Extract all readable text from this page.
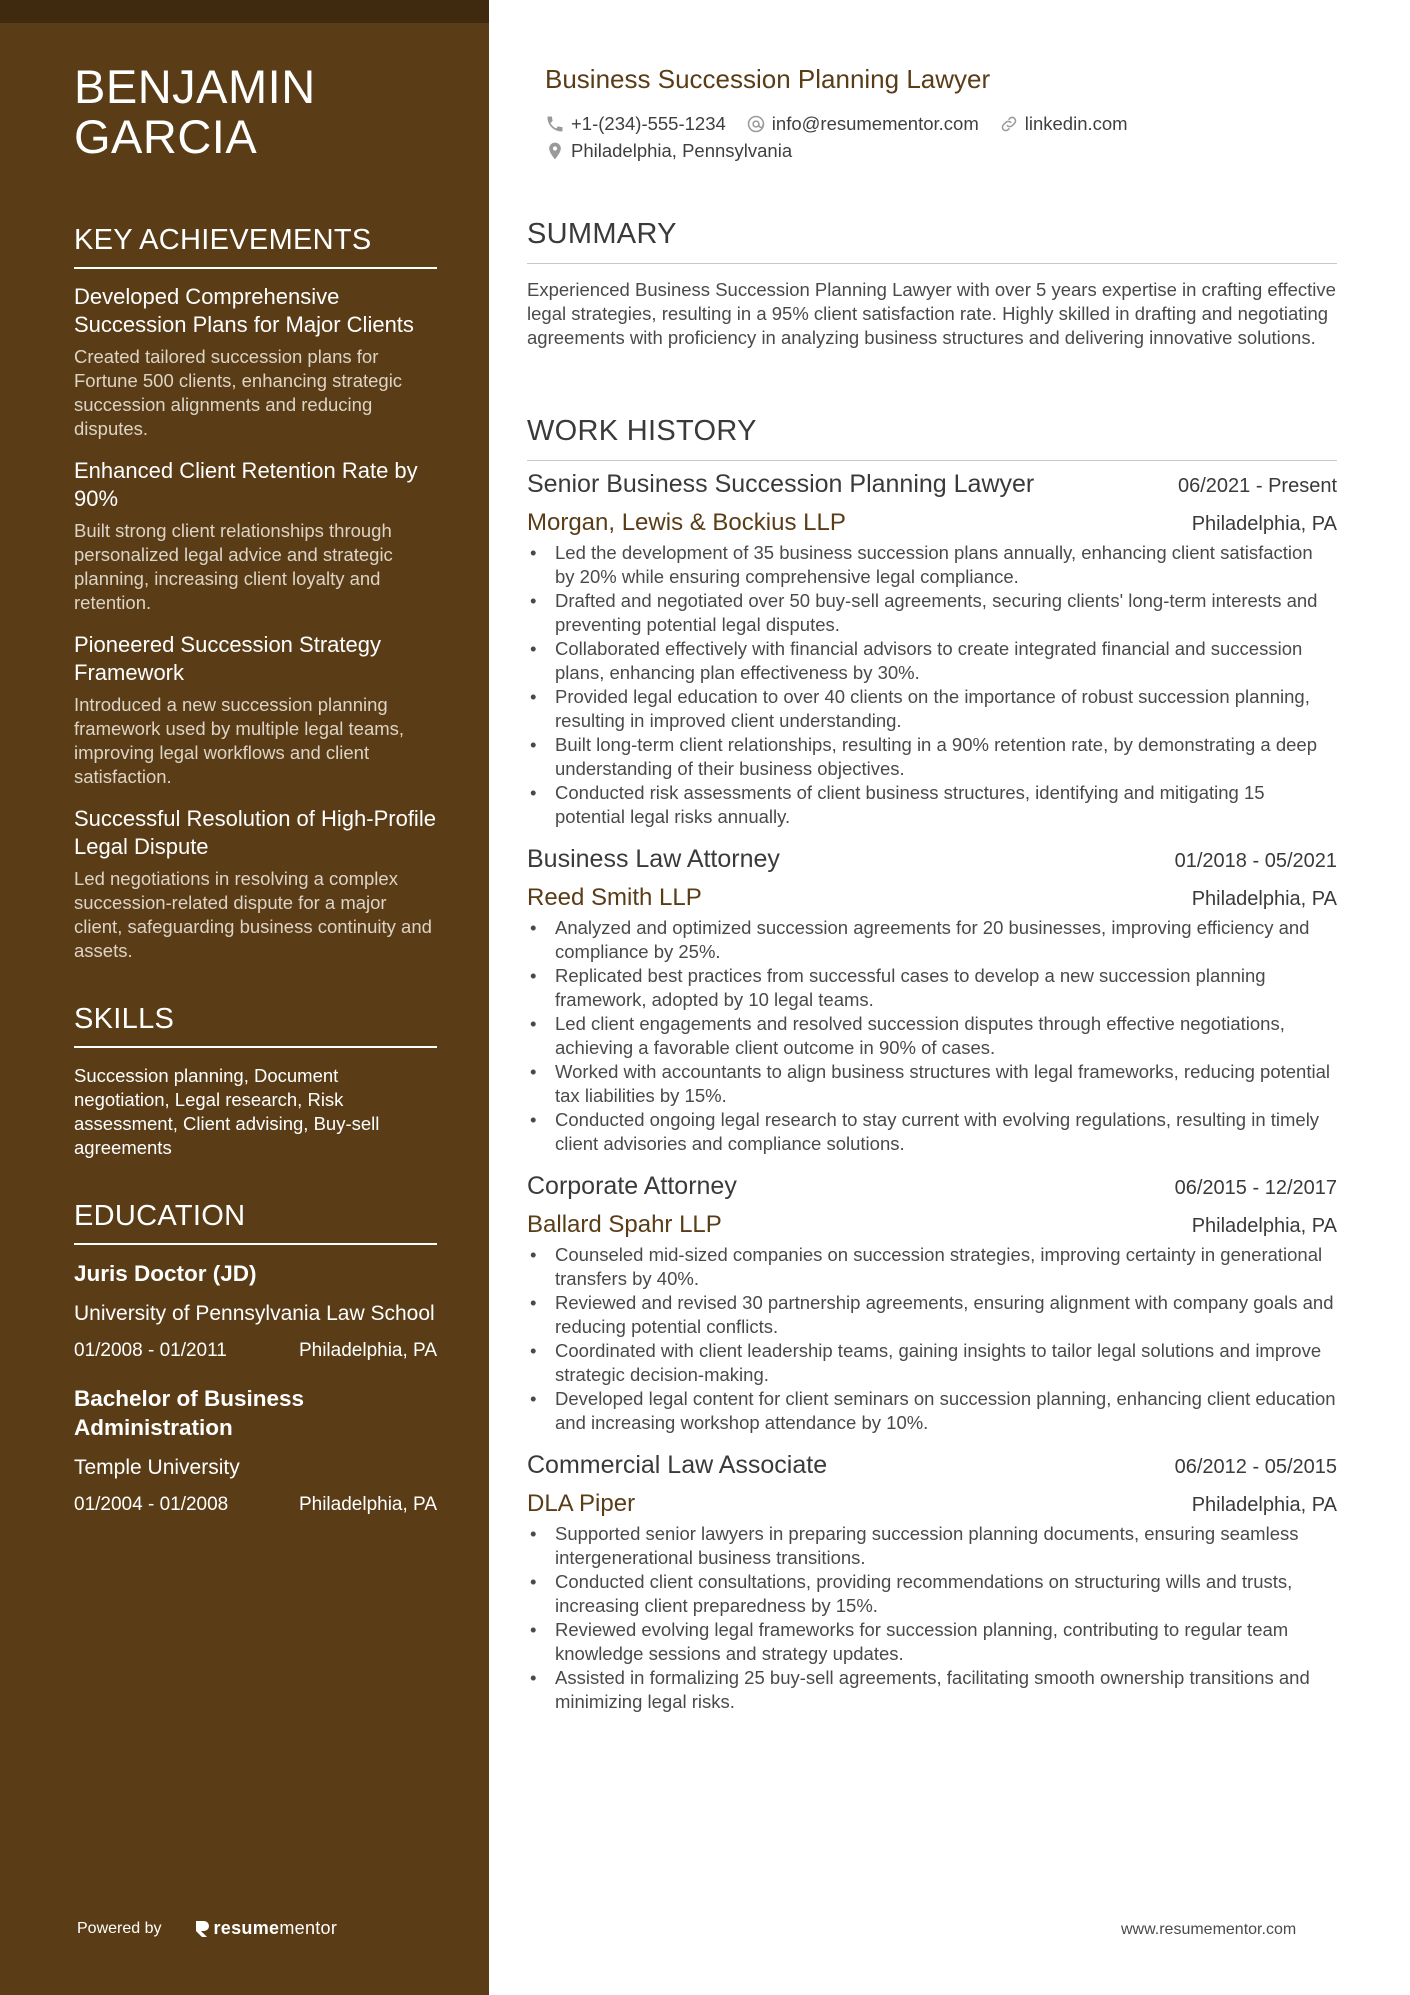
BENJAMIN
GARCIA
KEY ACHIEVEMENTS
Developed Comprehensive Succession Plans for Major Clients
Created tailored succession plans for Fortune 500 clients, enhancing strategic succession alignments and reducing disputes.
Enhanced Client Retention Rate by 90%
Built strong client relationships through personalized legal advice and strategic planning, increasing client loyalty and retention.
Pioneered Succession Strategy Framework
Introduced a new succession planning framework used by multiple legal teams, improving legal workflows and client satisfaction.
Successful Resolution of High-Profile Legal Dispute
Led negotiations in resolving a complex succession-related dispute for a major client, safeguarding business continuity and assets.
SKILLS
Succession planning, Document negotiation, Legal research, Risk assessment, Client advising, Buy-sell agreements
EDUCATION
Juris Doctor (JD)
University of Pennsylvania Law School
01/2008 - 01/2011	Philadelphia, PA
Bachelor of Business Administration
Temple University
01/2004 - 01/2008	Philadelphia, PA
Powered by	resume mentor
Business Succession Planning Lawyer
+1-(234)-555-1234 info@resumementor.com linkedin.com
Philadelphia, Pennsylvania
SUMMARY
Experienced Business Succession Planning Lawyer with over 5 years expertise in crafting effective legal strategies, resulting in a 95% client satisfaction rate. Highly skilled in drafting and negotiating agreements with proficiency in analyzing business structures and delivering innovative solutions.
WORK HISTORY
Senior Business Succession Planning Lawyer	06/2021 - Present
Morgan, Lewis & Bockius LLP	Philadelphia, PA
• Led the development of 35 business succession plans annually, enhancing client satisfaction by 20% while ensuring comprehensive legal compliance.
• Drafted and negotiated over 50 buy-sell agreements, securing clients' long-term interests and preventing potential legal disputes.
• Collaborated effectively with financial advisors to create integrated financial and succession plans, enhancing plan effectiveness by 30%.
• Provided legal education to over 40 clients on the importance of robust succession planning, resulting in improved client understanding.
• Built long-term client relationships, resulting in a 90% retention rate, by demonstrating a deep understanding of their business objectives.
• Conducted risk assessments of client business structures, identifying and mitigating 15 potential legal risks annually.
Business Law Attorney	01/2018 - 05/2021
Reed Smith LLP	Philadelphia, PA
• Analyzed and optimized succession agreements for 20 businesses, improving efficiency and compliance by 25%.
• Replicated best practices from successful cases to develop a new succession planning framework, adopted by 10 legal teams.
• Led client engagements and resolved succession disputes through effective negotiations, achieving a favorable client outcome in 90% of cases.
• Worked with accountants to align business structures with legal frameworks, reducing potential tax liabilities by 15%.
• Conducted ongoing legal research to stay current with evolving regulations, resulting in timely client advisories and compliance solutions.
Corporate Attorney	06/2015 - 12/2017
Ballard Spahr LLP	Philadelphia, PA
• Counseled mid-sized companies on succession strategies, improving certainty in generational transfers by 40%.
• Reviewed and revised 30 partnership agreements, ensuring alignment with company goals and reducing potential conflicts.
• Coordinated with client leadership teams, gaining insights to tailor legal solutions and improve strategic decision-making.
• Developed legal content for client seminars on succession planning, enhancing client education and increasing workshop attendance by 10%.
Commercial Law Associate	06/2012 - 05/2015
DLA Piper	Philadelphia, PA
• Supported senior lawyers in preparing succession planning documents, ensuring seamless intergenerational business transitions.
• Conducted client consultations, providing recommendations on structuring wills and trusts, increasing client preparedness by 15%.
• Reviewed evolving legal frameworks for succession planning, contributing to regular team knowledge sessions and strategy updates.
• Assisted in formalizing 25 buy-sell agreements, facilitating smooth ownership transitions and minimizing legal risks.
www.resumementor.com
